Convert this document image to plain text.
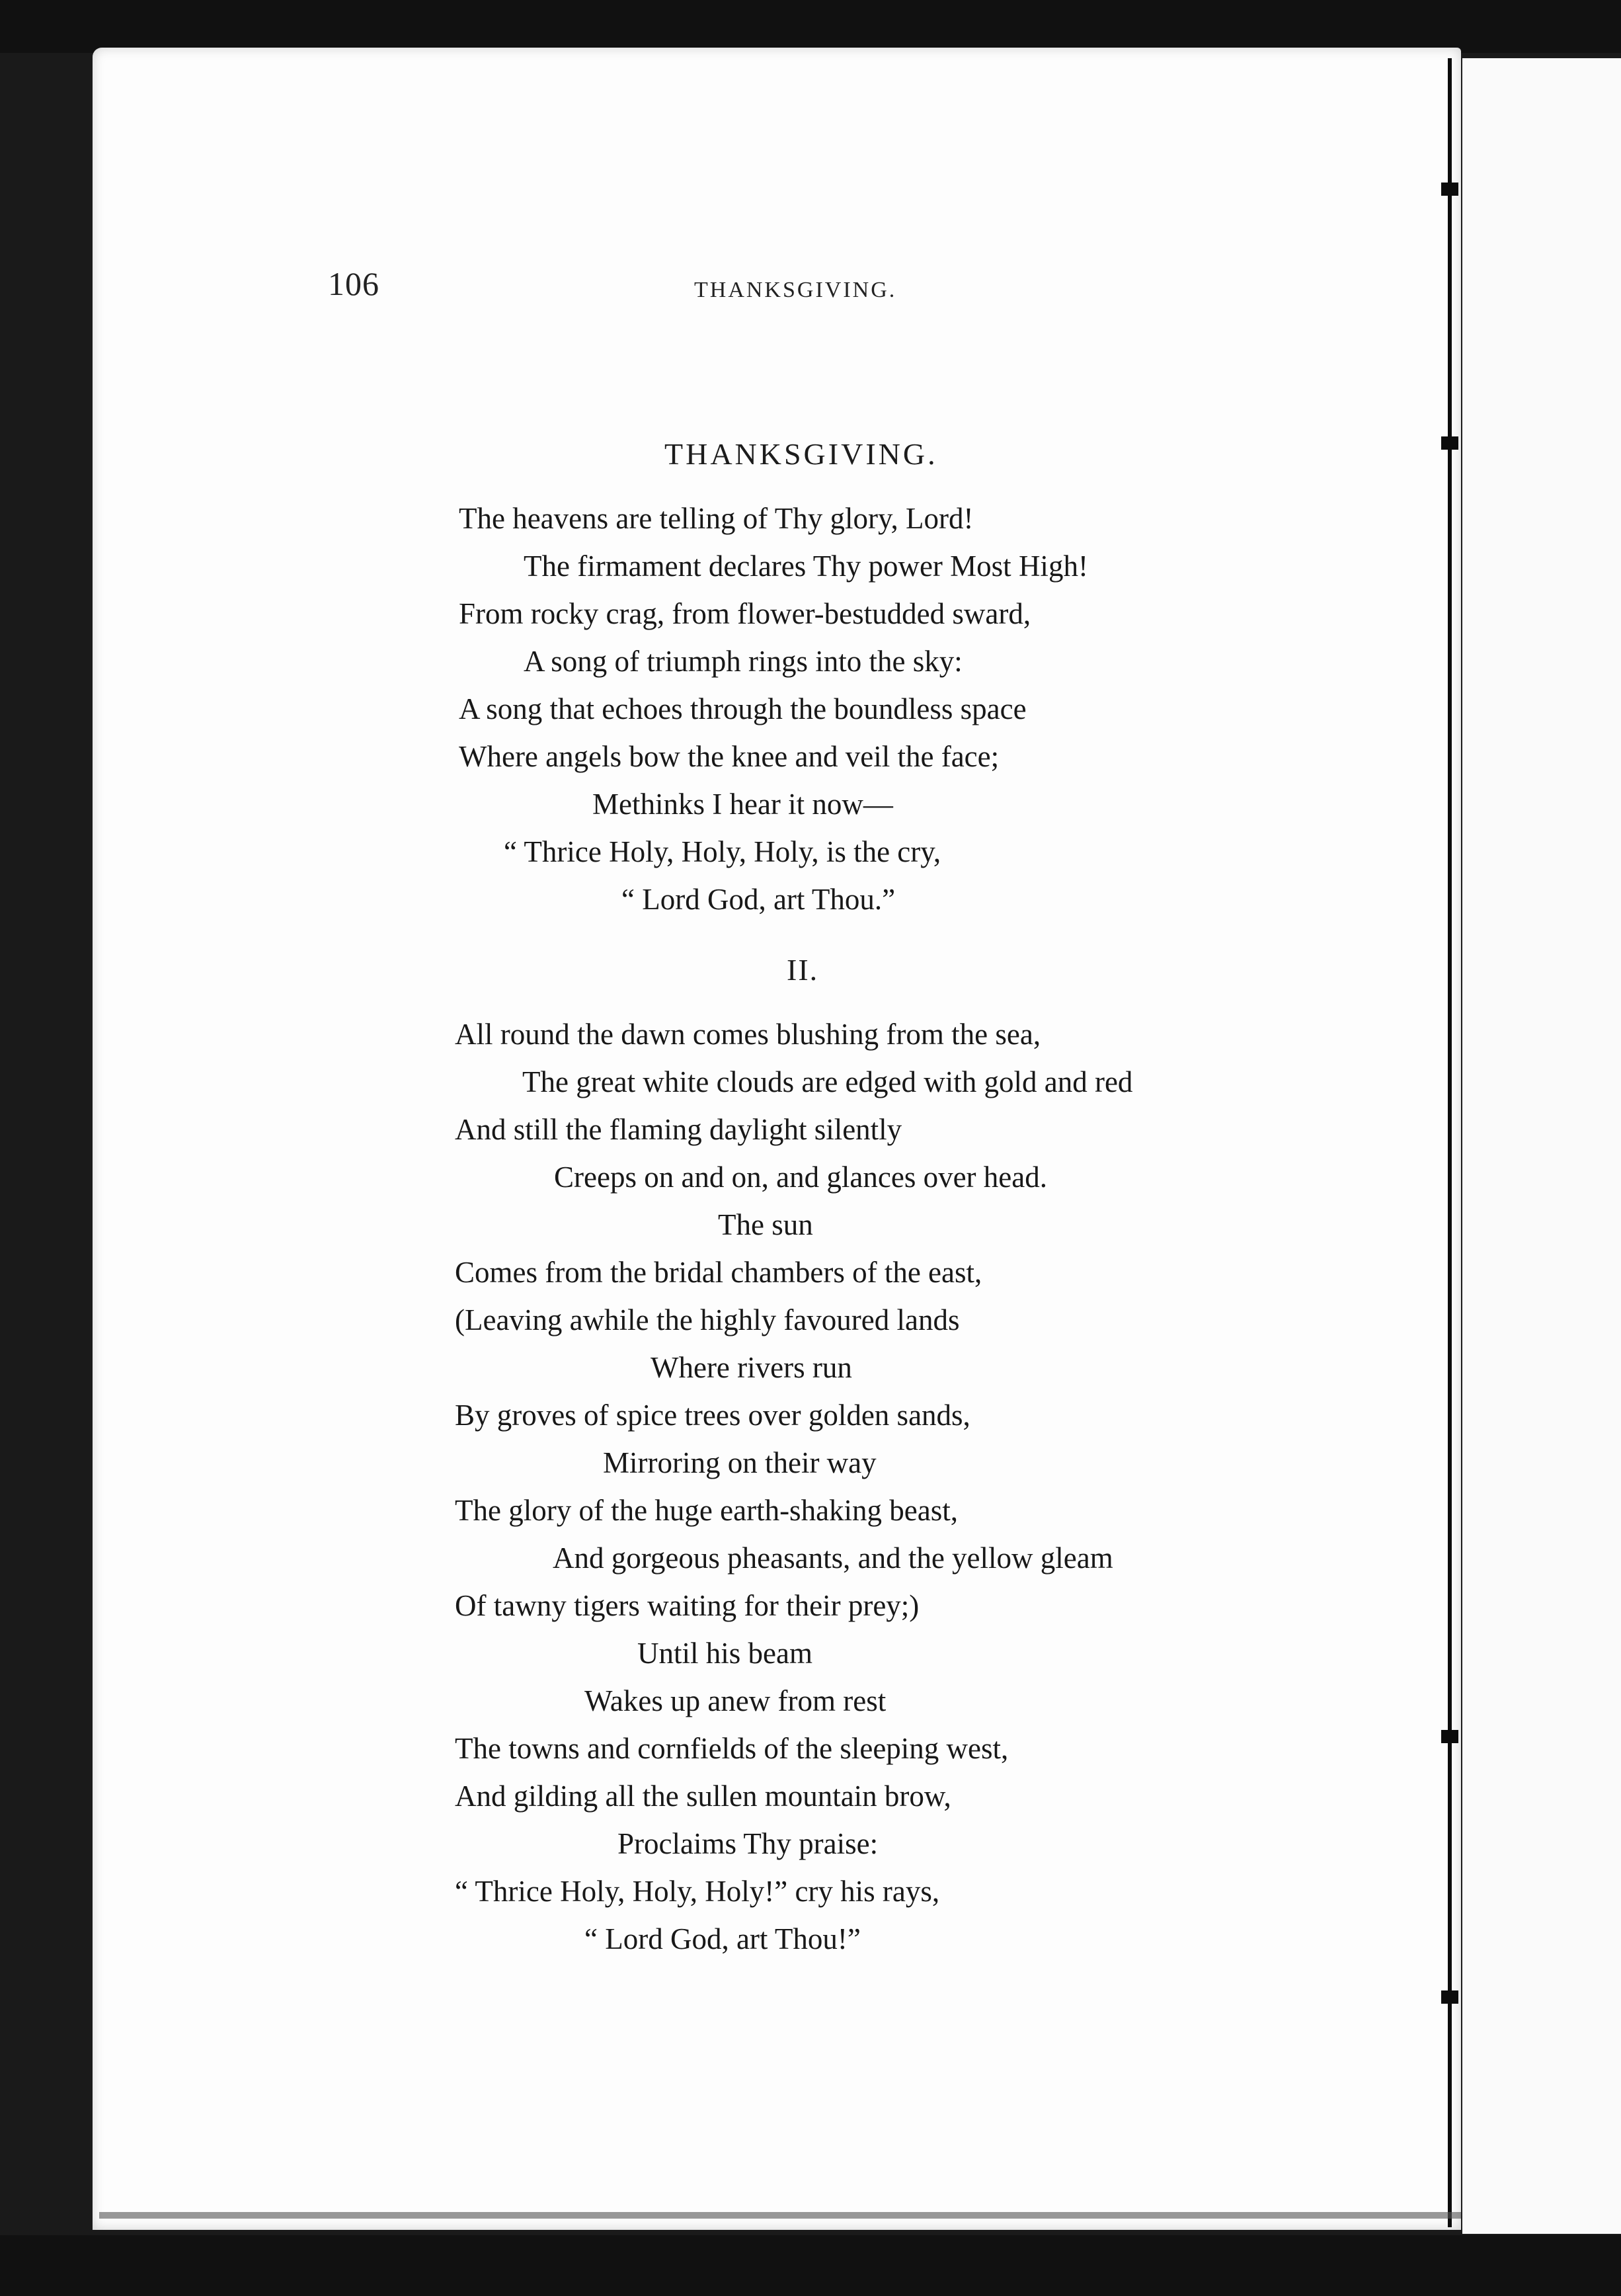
106	THANKSGIVING.
THANKSGIVING.
The heavens are telling of Thy glory, Lord!
The firmament declares Thy power Most High!
From rocky crag, from flower-bestudded sward,
A song of triumph rings into the sky:
A song that echoes through the boundless space
Where angels bow the knee and veil the face;
Methinks I hear it now—
“ Thrice Holy, Holy, Holy, is the cry,
“ Lord God, art Thou.”
II.
All round the dawn comes blushing from the sea,
The great white clouds are edged with gold and red
And still the flaming daylight silently
Creeps on and on, and glances over head.
The sun
Comes from the bridal chambers of the east,
(Leaving awhile the highly favoured lands
Where rivers run
By groves of spice trees over golden sands,
Mirroring on their way
The glory of the huge earth-shaking beast,
And gorgeous pheasants, and the yellow gleam
Of tawny tigers waiting for their prey;)
Until his beam
Wakes up anew from rest
The towns and cornfields of the sleeping west,
And gilding all the sullen mountain brow,
Proclaims Thy praise:
“ Thrice Holy, Holy, Holy!” cry his rays,
“ Lord God, art Thou!”
